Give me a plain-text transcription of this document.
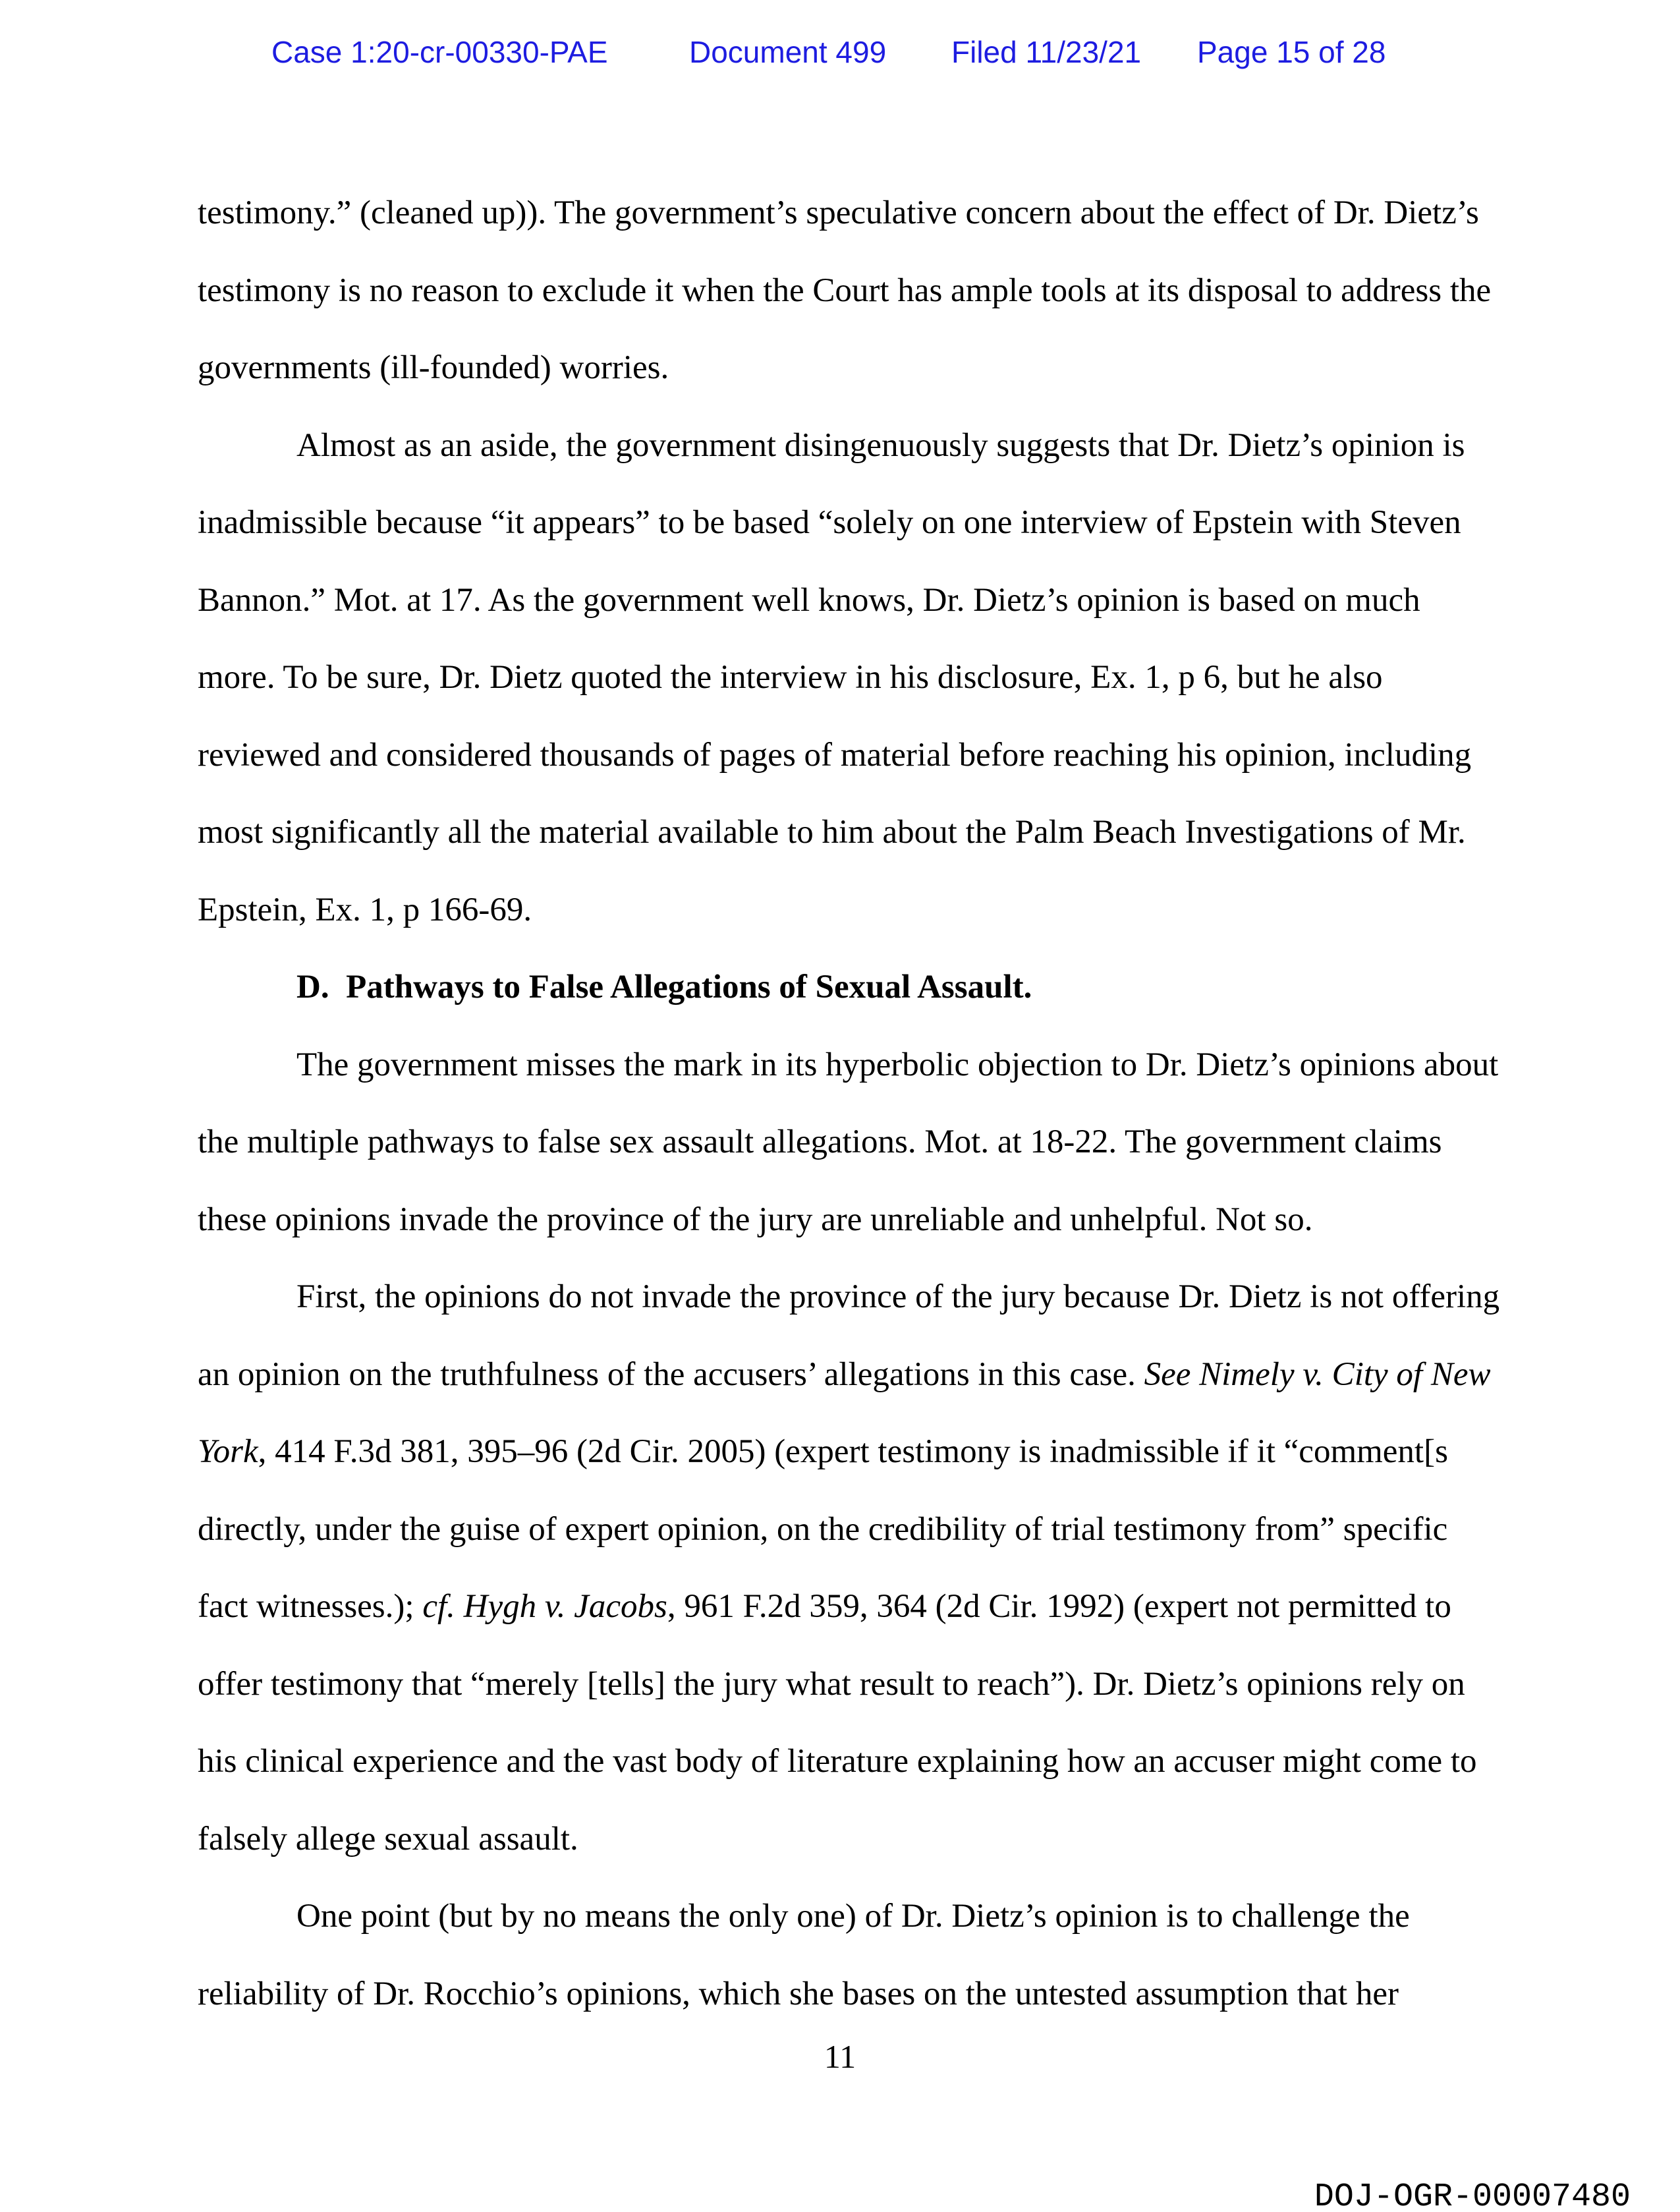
Case 1:20-cr-00330-PAE	Document 499 Filed 11/23/21 Page 15 of 28
testimony.” (cleaned up)). The government’s speculative concern about the effect of Dr. Dietz’s
testimony is no reason to exclude it when the Court has ample tools at its disposal to address the
governments (ill-founded) worries.
Almost as an aside, the government disingenuously suggests that Dr. Dietz’s opinion is
inadmissible because “it appears” to be based “solely on one interview of Epstein with Steven
Bannon.” Mot. at 17. As the government well knows, Dr. Dietz’s opinion is based on much
more. To be sure, Dr. Dietz quoted the interview in his disclosure, Ex. 1, p 6, but he also
reviewed and considered thousands of pages of material before reaching his opinion, including
most significantly all the material available to him about the Palm Beach Investigations of Mr.
Epstein, Ex. 1, p 166-69.
D.  Pathways to False Allegations of Sexual Assault.
The government misses the mark in its hyperbolic objection to Dr. Dietz’s opinions about
the multiple pathways to false sex assault allegations. Mot. at 18-22. The government claims
these opinions invade the province of the jury are unreliable and unhelpful. Not so.
First, the opinions do not invade the province of the jury because Dr. Dietz is not offering
an opinion on the truthfulness of the accusers’ allegations in this case. See Nimely v. City of New
York, 414 F.3d 381, 395–96 (2d Cir. 2005) (expert testimony is inadmissible if it “comment[s
directly, under the guise of expert opinion, on the credibility of trial testimony from” specific
fact witnesses.); cf. Hygh v. Jacobs, 961 F.2d 359, 364 (2d Cir. 1992) (expert not permitted to
offer testimony that “merely [tells] the jury what result to reach”). Dr. Dietz’s opinions rely on
his clinical experience and the vast body of literature explaining how an accuser might come to
falsely allege sexual assault.
One point (but by no means the only one) of Dr. Dietz’s opinion is to challenge the
reliability of Dr. Rocchio’s opinions, which she bases on the untested assumption that her
11
DOJ-OGR-00007480
